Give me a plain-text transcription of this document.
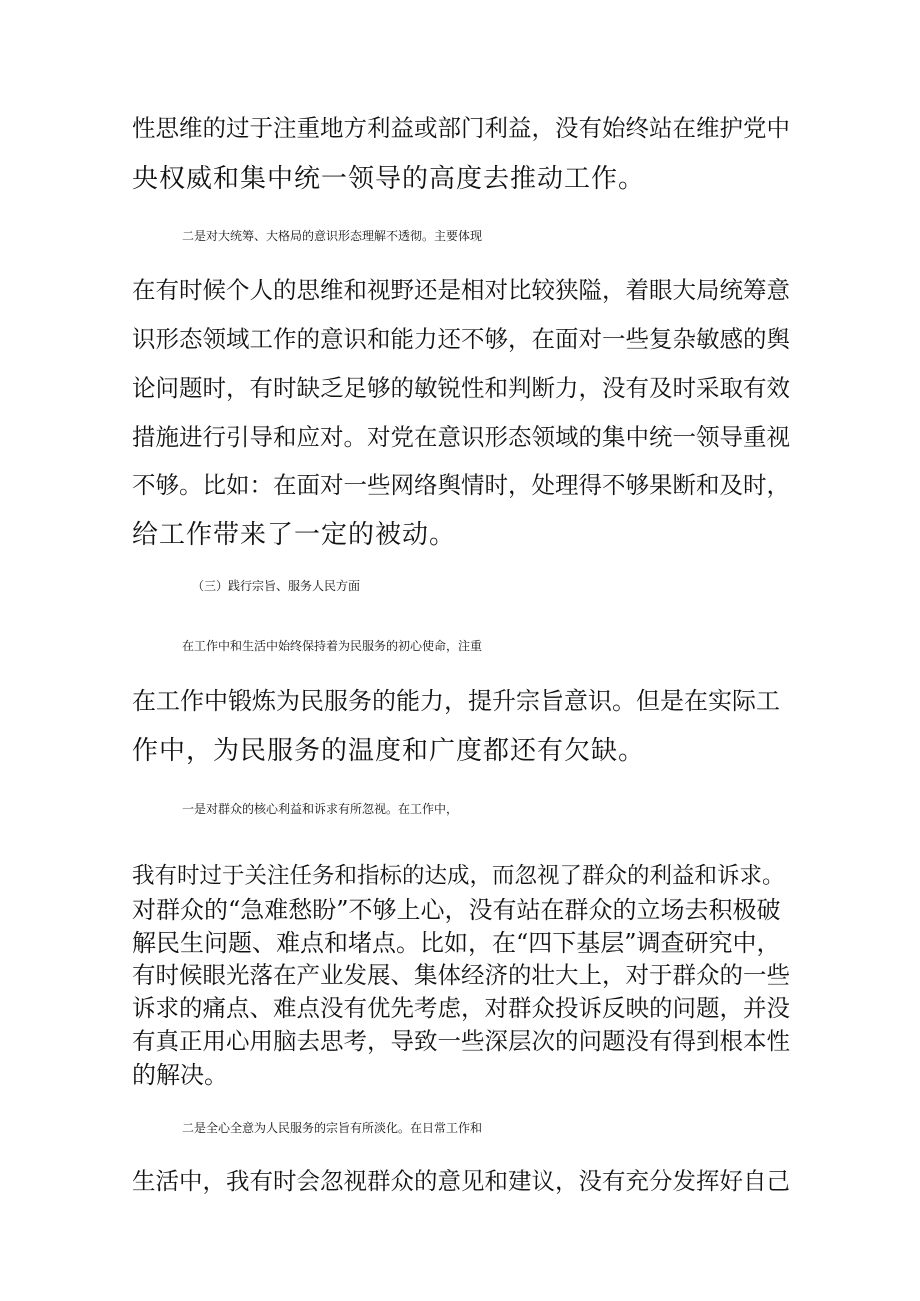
性思维的过于注重地方利益或部门利益，没有始终站在维护党中
央权威和集中统一领导的高度去推动工作。
二是对大统筹、大格局的意识形态理解不透彻。主要体现
在有时候个人的思维和视野还是相对比较狭隘，着眼大局统筹意
识形态领域工作的意识和能力还不够，在面对一些复杂敏感的舆
论问题时，有时缺乏足够的敏锐性和判断力，没有及时采取有效
措施进行引导和应对。对党在意识形态领域的集中统一领导重视
不够。比如：在面对一些网络舆情时，处理得不够果断和及时，
给工作带来了一定的被动。
（三）践行宗旨、服务人民方面
在工作中和生活中始终保持着为民服务的初心使命，注重
在工作中锻炼为民服务的能力，提升宗旨意识。但是在实际工
作中，为民服务的温度和广度都还有欠缺。
一是对群众的核心利益和诉求有所忽视。在工作中，
我有时过于关注任务和指标的达成，而忽视了群众的利益和诉求。
对群众的“急难愁盼”不够上心，没有站在群众的立场去积极破
解民生问题、难点和堵点。比如，在“四下基层”调查研究中，
有时候眼光落在产业发展、集体经济的壮大上，对于群众的一些
诉求的痛点、难点没有优先考虑，对群众投诉反映的问题，并没
有真正用心用脑去思考，导致一些深层次的问题没有得到根本性
的解决。
二是全心全意为人民服务的宗旨有所淡化。在日常工作和
生活中，我有时会忽视群众的意见和建议，没有充分发挥好自己
